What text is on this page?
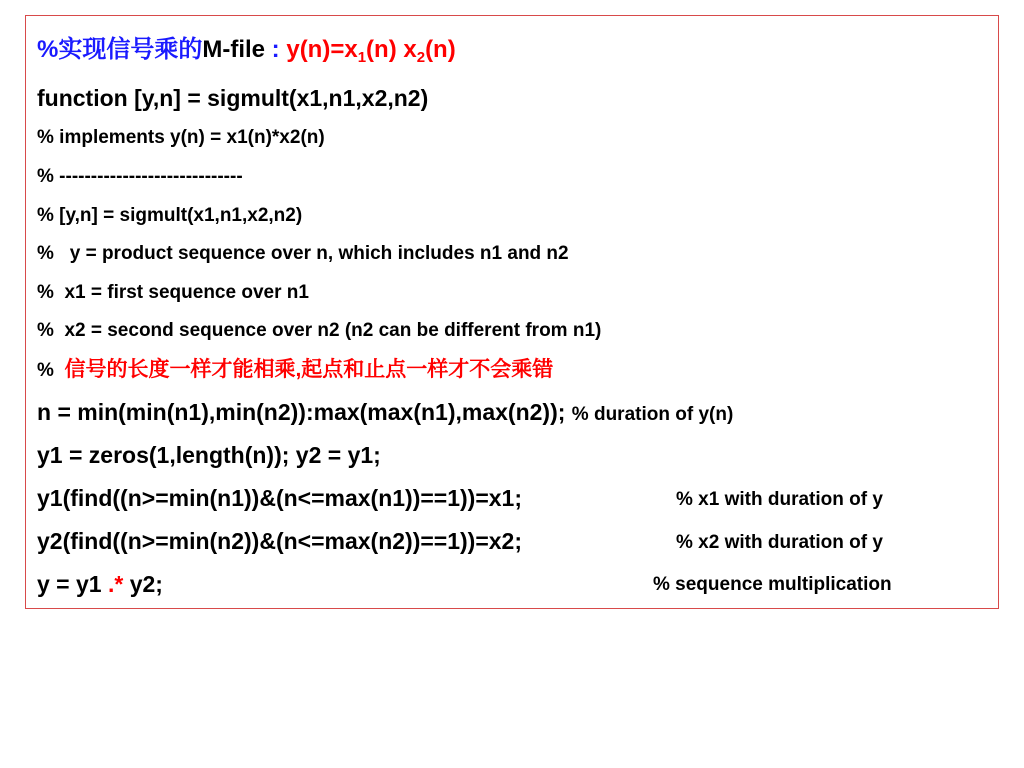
%实现信号乘的M-file : $y(n)=x_1(n)$ $x_2(n)$
function [y,n] = sigmult(x1,n1,x2,n2)
% implements y(n) = x1(n)*x2(n)
% -----------------------------
% [y,n] = sigmult(x1,n1,x2,n2)
%   y = product sequence over n, which includes n1 and n2
%  x1 = first sequence over n1
%  x2 = second sequence over n2 (n2 can be different from n1)
%  信号的长度一样才能相乘,起点和止点一样才不会乘错
n = min(min(n1),min(n2)):max(max(n1),max(n2)); % duration of y(n)
y1 = zeros(1,length(n)); y2 = y1;
y1(find((n>=min(n1))&(n<=max(n1))==1))=x1;	% x1 with duration of y
y2(find((n>=min(n2))&(n<=max(n2))==1))=x2;	% x2 with duration of y
y = y1 .* y2;	% sequence multiplication
